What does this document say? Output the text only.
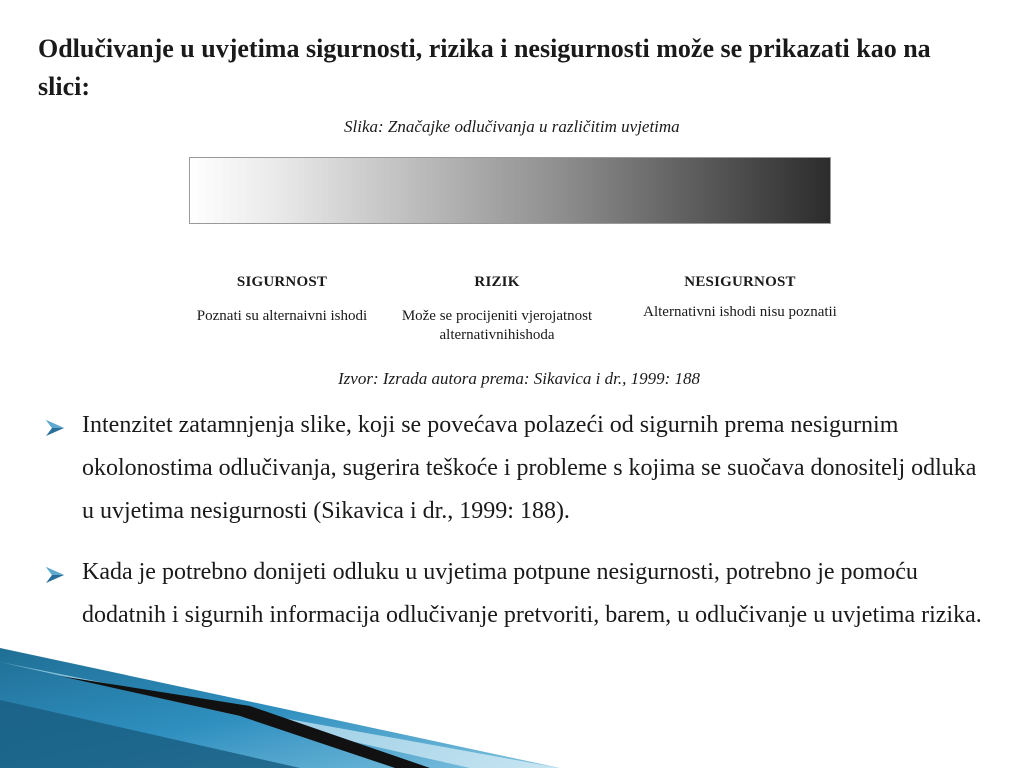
Odlučivanje u uvjetima sigurnosti, rizika i nesigurnosti može se prikazati kao na slici:
Slika: Značajke odlučivanja u različitim uvjetima
SIGURNOST
Poznati su alternaivni ishodi
RIZIK
Može se procijeniti vjerojatnost alternativnihishoda
NESIGURNOST
Alternativni ishodi nisu poznatii
Izvor: Izrada autora prema: Sikavica i dr., 1999: 188
Intenzitet zatamnjenja slike, koji se povećava polazeći od sigurnih prema nesigurnim okolonostima odlučivanja, sugerira teškoće i probleme s kojima se suočava donositelj odluka u uvjetima nesigurnosti (Sikavica i dr., 1999: 188).
Kada je potrebno donijeti odluku u uvjetima potpune nesigurnosti, potrebno je pomoću dodatnih i sigurnih informacija odlučivanje pretvoriti, barem, u odlučivanje u uvjetima rizika.
